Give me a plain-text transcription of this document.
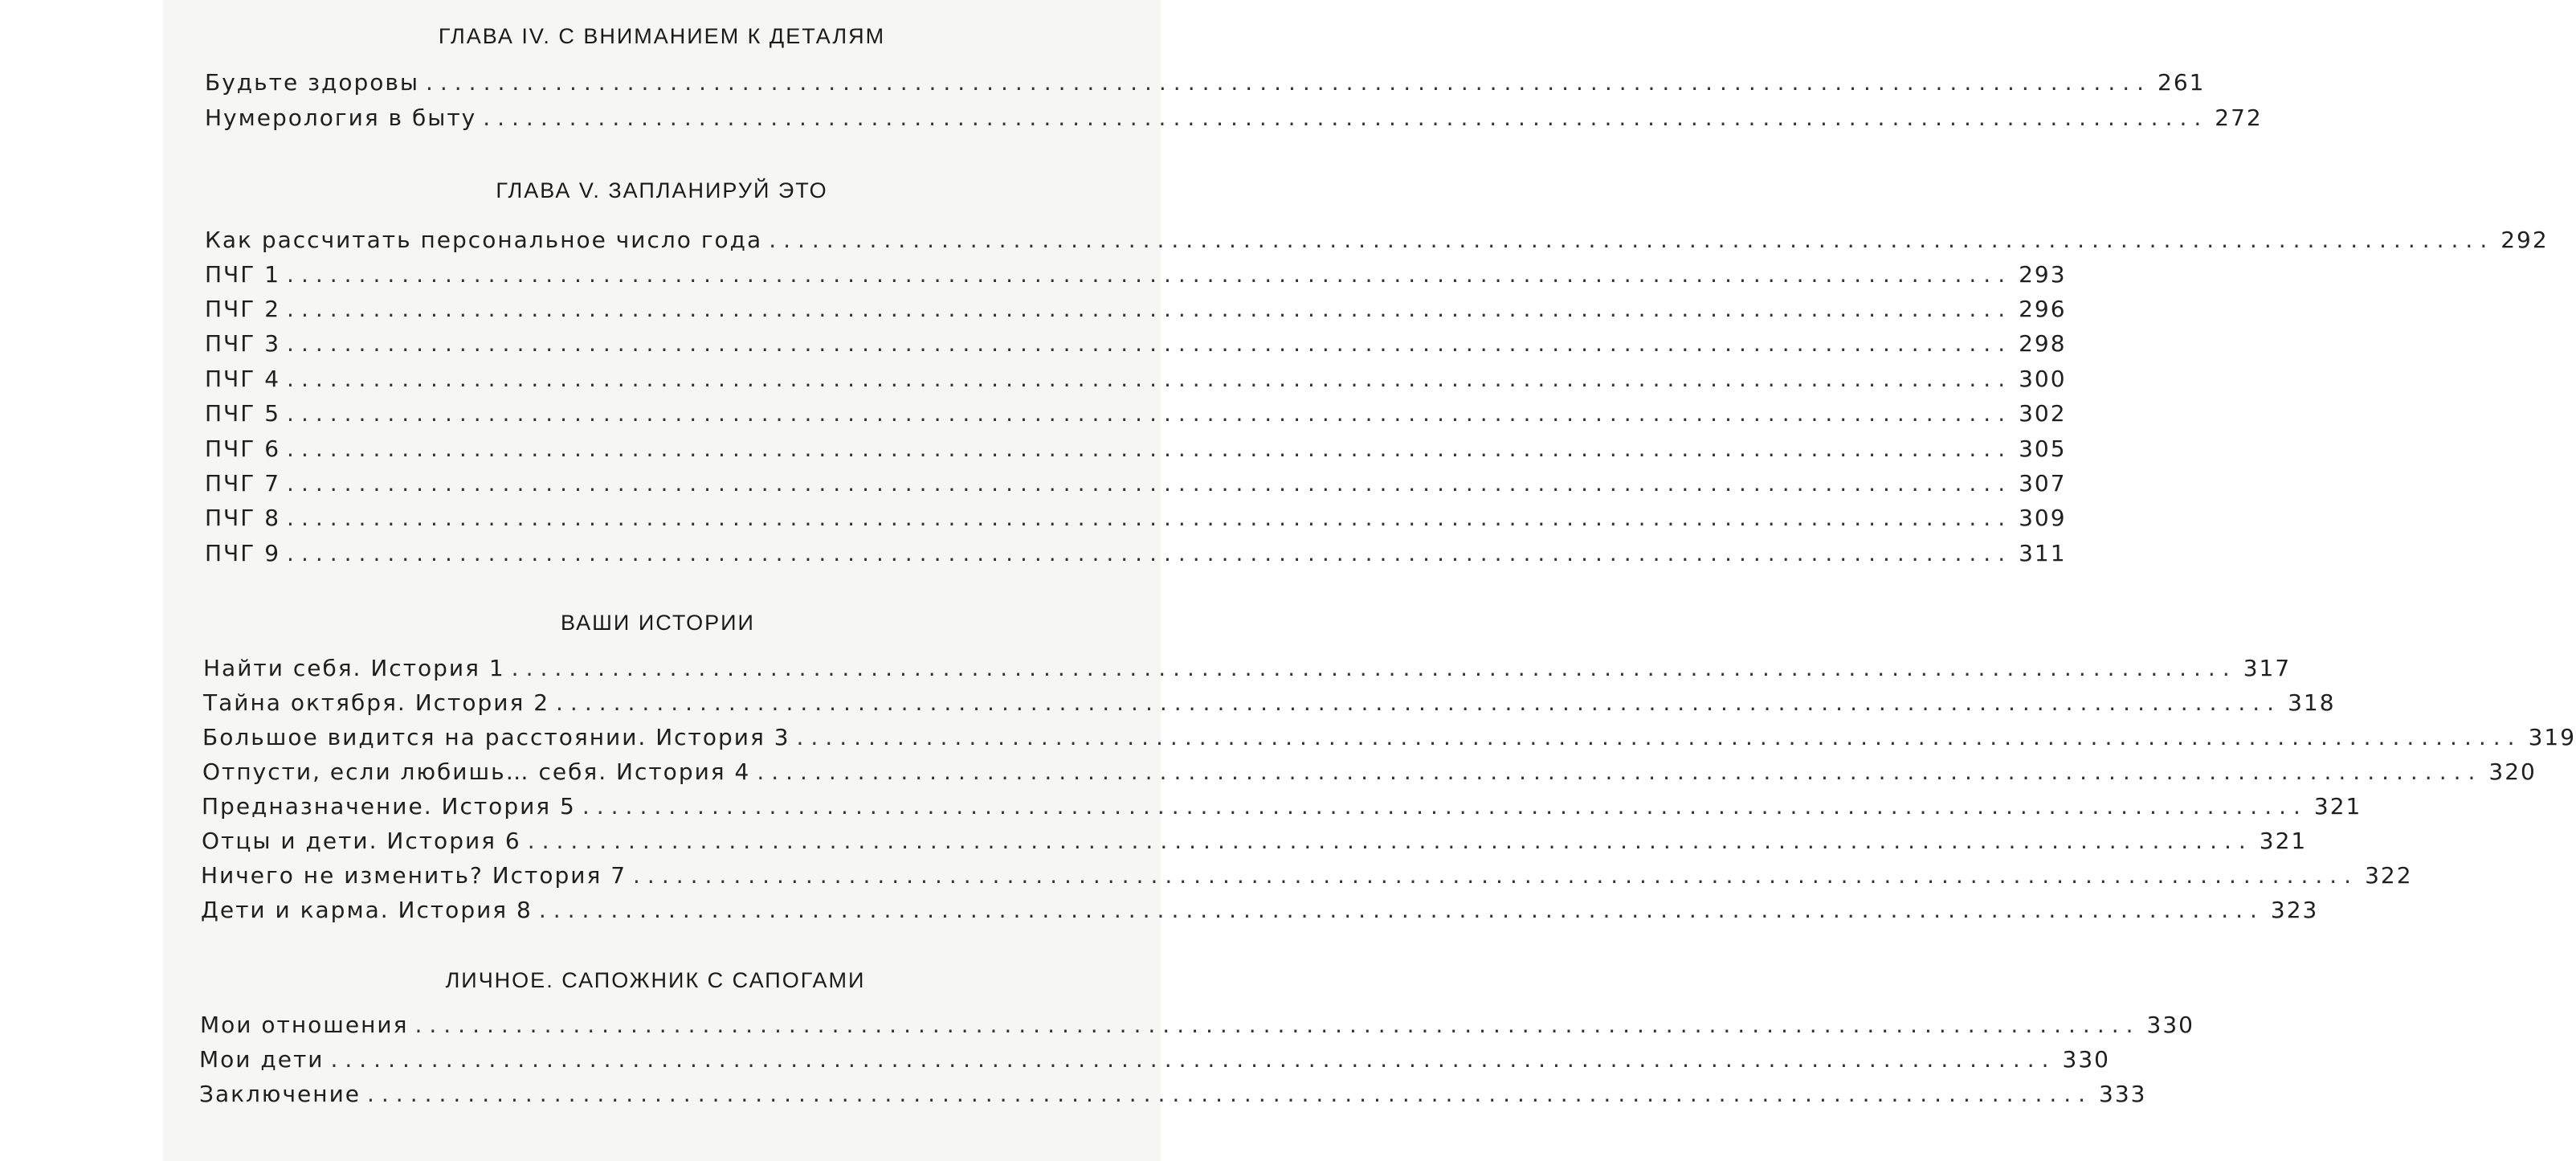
ГЛАВА IV. С ВНИМАНИЕМ К ДЕТАЛЯМ
Будьте здоровы ........................................................................................................................ 261
Нумерология в быту ........................................................................................................................ 272
ГЛАВА V. ЗАПЛАНИРУЙ ЭТО
Как рассчитать персональное число года ........................................................................................................................ 292
ПЧГ 1 ........................................................................................................................ 293
ПЧГ 2 ........................................................................................................................ 296
ПЧГ 3 ........................................................................................................................ 298
ПЧГ 4 ........................................................................................................................ 300
ПЧГ 5 ........................................................................................................................ 302
ПЧГ 6 ........................................................................................................................ 305
ПЧГ 7 ........................................................................................................................ 307
ПЧГ 8 ........................................................................................................................ 309
ПЧГ 9 ........................................................................................................................ 311
ВАШИ ИСТОРИИ
Найти себя. История 1 ........................................................................................................................ 317
Тайна октября. История 2 ........................................................................................................................ 318
Большое видится на расстоянии. История 3 ........................................................................................................................ 319
Отпусти, если любишь… себя. История 4 ........................................................................................................................ 320
Предназначение. История 5 ........................................................................................................................ 321
Отцы и дети. История 6 ........................................................................................................................ 321
Ничего не изменить? История 7 ........................................................................................................................ 322
Дети и карма. История 8 ........................................................................................................................ 323
ЛИЧНОЕ. САПОЖНИК С САПОГАМИ
Мои отношения ........................................................................................................................ 330
Мои дети ........................................................................................................................ 330
Заключение ........................................................................................................................ 333
